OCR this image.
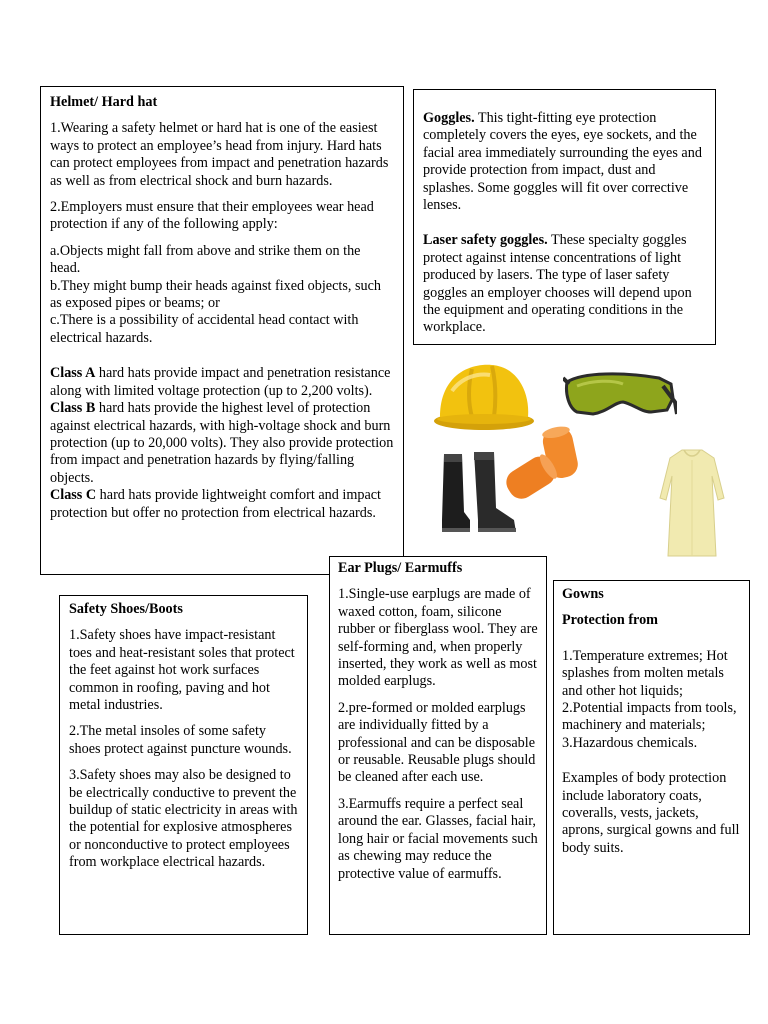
Helmet/ Hard hat

1.Wearing a safety helmet or hard hat is one of the easiest ways to protect an employee’s head from injury. Hard hats can protect employees from impact and penetration hazards as well as from electrical shock and burn hazards.

2.Employers must ensure that their employees wear head protection if any of the following apply:

a.Objects might fall from above and strike them on the head.

b.They might bump their heads against fixed objects, such as exposed pipes or beams; or

c.There is a possibility of accidental head contact with electrical hazards.

Class A hard hats provide impact and penetration resistance along with limited voltage protection (up to 2,200 volts).

Class B hard hats provide the highest level of protection against electrical hazards, with high-voltage shock and burn protection (up to 20,000 volts). They also provide protection from impact and penetration hazards by flying/falling objects.

Class C hard hats provide lightweight comfort and impact protection but offer no protection from electrical hazards.

Goggles. This tight-fitting eye protection completely covers the eyes, eye sockets, and the facial area immediately surrounding the eyes and provide protection from impact, dust and splashes. Some goggles will fit over corrective lenses.

Laser safety goggles. These specialty goggles protect against intense concentrations of light produced by lasers. The type of laser safety goggles an employer chooses will depend upon the equipment and operating conditions in the workplace.

Safety Shoes/Boots

1.Safety shoes have impact-resistant toes and heat-resistant soles that protect the feet against hot work surfaces common in roofing, paving and hot metal industries.

2.The metal insoles of some safety shoes protect against puncture wounds.

3.Safety shoes may also be designed to be electrically conductive to prevent the buildup of static electricity in areas with the potential for explosive atmospheres or nonconductive to protect employees from workplace electrical hazards.

Ear Plugs/ Earmuffs

1.Single-use earplugs are made of waxed cotton, foam, silicone rubber or fiberglass wool. They are self-forming and, when properly inserted, they work as well as most molded earplugs.

2.pre-formed or molded earplugs are individually fitted by a professional and can be disposable or reusable. Reusable plugs should be cleaned after each use.

3.Earmuffs require a perfect seal around the ear. Glasses, facial hair, long hair or facial movements such as chewing may reduce the protective value of earmuffs.

Gowns

Protection from

1.Temperature extremes; Hot splashes from molten metals and other hot liquids;

2.Potential impacts from tools, machinery and materials;

3.Hazardous chemicals.

Examples of body protection include laboratory coats, coveralls, vests, jackets, aprons, surgical gowns and full body suits.
